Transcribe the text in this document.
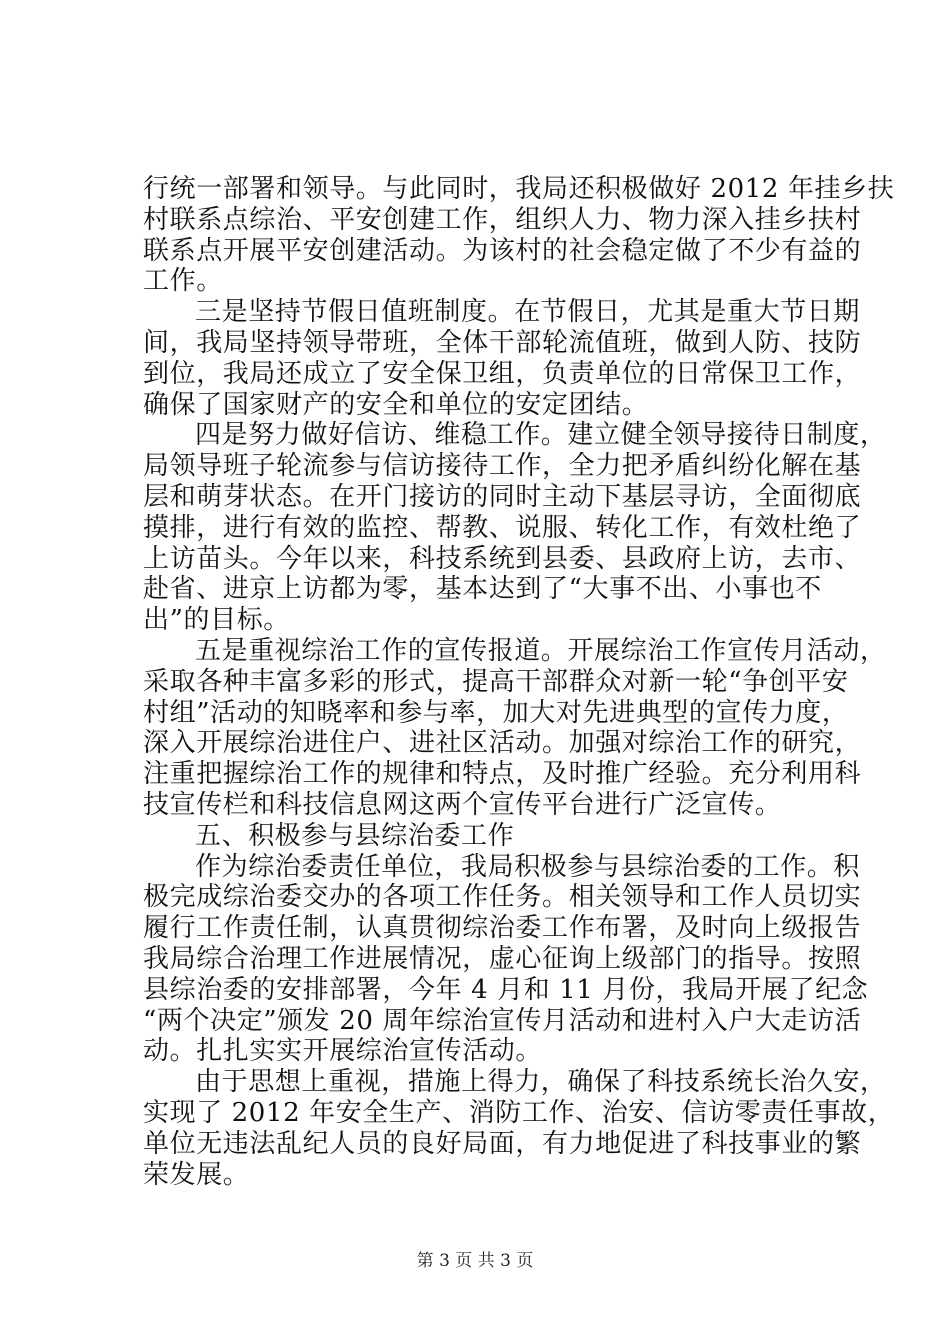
行统一部署和领导。与此同时，我局还积极做好 2012 年挂乡扶
村联系点综治、平安创建工作，组织人力、物力深入挂乡扶村
联系点开展平安创建活动。为该村的社会稳定做了不少有益的
工作。
三是坚持节假日值班制度。在节假日，尤其是重大节日期
间，我局坚持领导带班，全体干部轮流值班，做到人防、技防
到位，我局还成立了安全保卫组，负责单位的日常保卫工作，
确保了国家财产的安全和单位的安定团结。
四是努力做好信访、维稳工作。建立健全领导接待日制度，
局领导班子轮流参与信访接待工作，全力把矛盾纠纷化解在基
层和萌芽状态。在开门接访的同时主动下基层寻访，全面彻底
摸排，进行有效的监控、帮教、说服、转化工作，有效杜绝了
上访苗头。今年以来，科技系统到县委、县政府上访，去市、
赴省、进京上访都为零，基本达到了“大事不出、小事也不
出”的目标。
五是重视综治工作的宣传报道。开展综治工作宣传月活动，
采取各种丰富多彩的形式，提高干部群众对新一轮“争创平安
村组”活动的知晓率和参与率，加大对先进典型的宣传力度，
深入开展综治进住户、进社区活动。加强对综治工作的研究，
注重把握综治工作的规律和特点，及时推广经验。充分利用科
技宣传栏和科技信息网这两个宣传平台进行广泛宣传。
五、积极参与县综治委工作
作为综治委责任单位，我局积极参与县综治委的工作。积
极完成综治委交办的各项工作任务。相关领导和工作人员切实
履行工作责任制，认真贯彻综治委工作布署，及时向上级报告
我局综合治理工作进展情况，虚心征询上级部门的指导。按照
县综治委的安排部署，今年 4 月和 11 月份，我局开展了纪念
“两个决定”颁发 20 周年综治宣传月活动和进村入户大走访活
动。扎扎实实开展综治宣传活动。
由于思想上重视，措施上得力，确保了科技系统长治久安，
实现了 2012 年安全生产、消防工作、治安、信访零责任事故，
单位无违法乱纪人员的良好局面，有力地促进了科技事业的繁
荣发展。
第 3 页 共 3 页
